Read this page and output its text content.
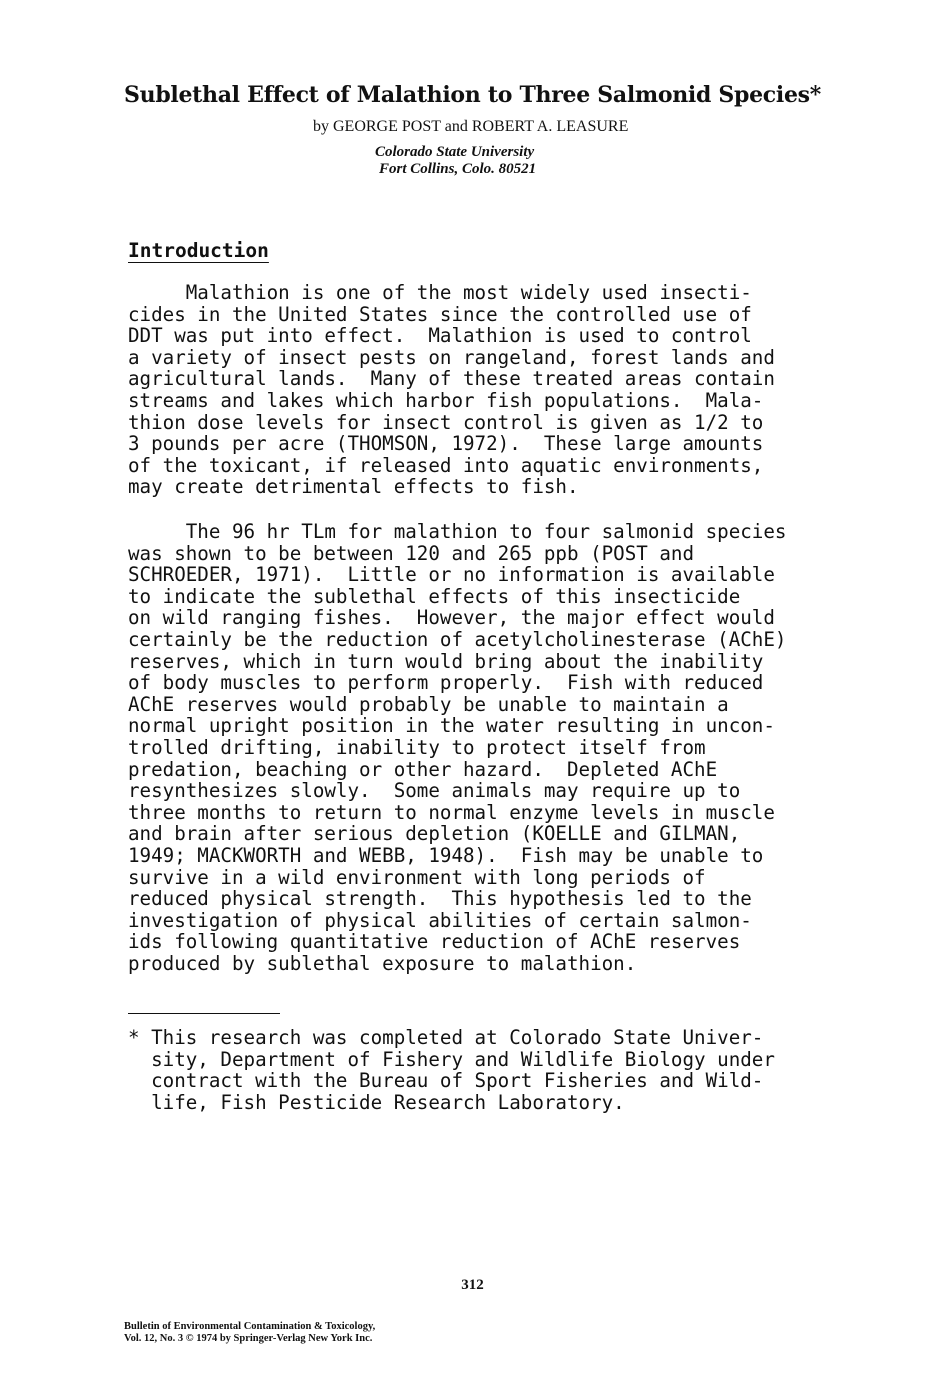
Sublethal Effect of Malathion to Three Salmonid Species*

by GEORGE POST and ROBERT A. LEASURE

Colorado State University

Fort Collins, Colo. 80521

Introduction

Malathion is one of the most widely used insecti-
cides in the United States since the controlled use of
DDT was put into effect.  Malathion is used to control
a variety of insect pests on rangeland, forest lands and
agricultural lands.  Many of these treated areas contain
streams and lakes which harbor fish populations.  Mala-
thion dose levels for insect control is given as 1/2 to
3 pounds per acre (THOMSON, 1972).  These large amounts
of the toxicant, if released into aquatic environments,
may create detrimental effects to fish.

The 96 hr TLm for malathion to four salmonid species
was shown to be between 120 and 265 ppb (POST and
SCHROEDER, 1971).  Little or no information is available
to indicate the sublethal effects of this insecticide
on wild ranging fishes.  However, the major effect would
certainly be the reduction of acetylcholinesterase (AChE)
reserves, which in turn would bring about the inability
of body muscles to perform properly.  Fish with reduced
AChE reserves would probably be unable to maintain a
normal upright position in the water resulting in uncon-
trolled drifting, inability to protect itself from
predation, beaching or other hazard.  Depleted AChE
resynthesizes slowly.  Some animals may require up to
three months to return to normal enzyme levels in muscle
and brain after serious depletion (KOELLE and GILMAN,
1949; MACKWORTH and WEBB, 1948).  Fish may be unable to
survive in a wild environment with long periods of
reduced physical strength.  This hypothesis led to the
investigation of physical abilities of certain salmon-
ids following quantitative reduction of AChE reserves
produced by sublethal exposure to malathion.

* This research was completed at Colorado State Univer-
sity, Department of Fishery and Wildlife Biology under
contract with the Bureau of Sport Fisheries and Wild-
life, Fish Pesticide Research Laboratory.

312

Bulletin of Environmental Contamination & Toxicology,
Vol. 12, No. 3 © 1974 by Springer-Verlag New York Inc.
